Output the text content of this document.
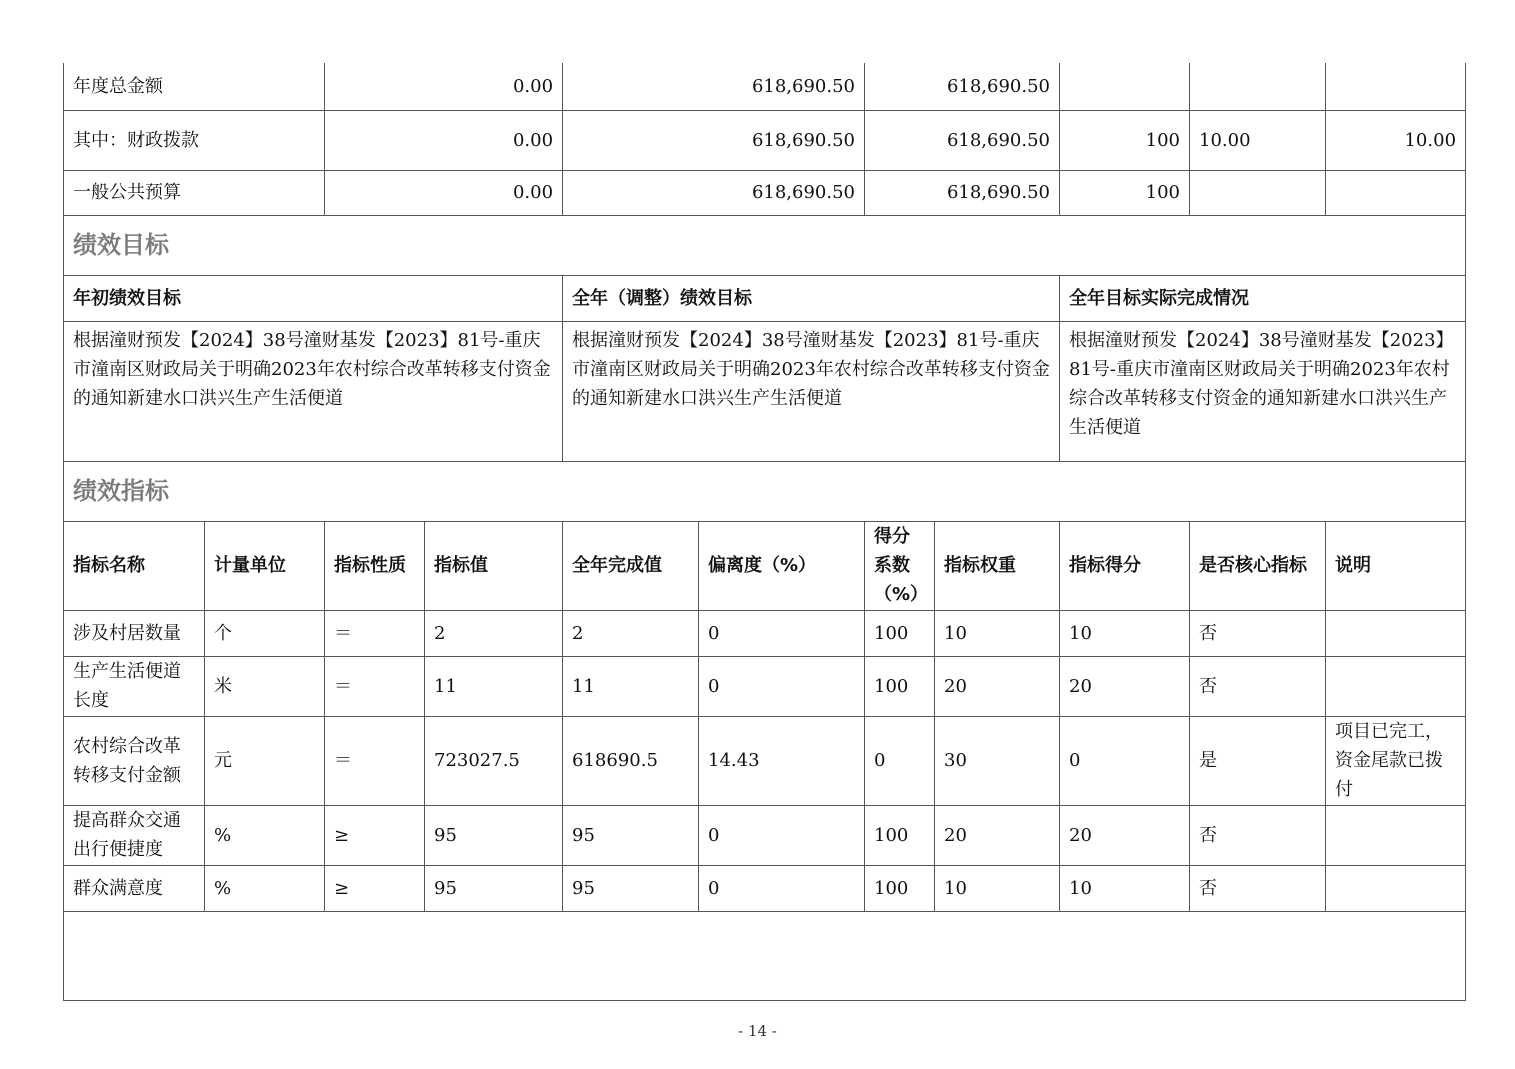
年度总金额		0.00		618,690.50		618,690.50				

其中：财政拨款		0.00		618,690.50		618,690.50		100	10.00	10.00
一般公共预算		0.00		618,690.50		618,690.50		100		
绩效目标										
年初绩效目标				全年（调整）绩效目标				全年目标实际完成情况		
根据潼财预发【2024】38号潼财基发【2023】81号-重庆市潼南区财政局关于明确2023年农村综合改革转移支付资金的通知新建水口洪兴生产生活便道				根据潼财预发【2024】38号潼财基发【2023】81号-重庆市潼南区财政局关于明确2023年农村综合改革转移支付资金的通知新建水口洪兴生产生活便道				根据潼财预发【2024】38号潼财基发【2023】81号-重庆市潼南区财政局关于明确2023年农村综合改革转移支付资金的通知新建水口洪兴生产生活便道		
绩效指标										
指标名称	计量单位	指标性质	指标值	全年完成值	偏离度（%）	得分系数（%）	指标权重	指标得分	是否核心指标	说明
涉及村居数量	个	＝	2	2	0	100	10	10	否	
生产生活便道长度	米	＝	11	11	0	100	20	20	否	
农村综合改革转移支付金额	元	＝	723027.5	618690.5	14.43	0	30	0	是	项目已完工，资金尾款已拨付
提高群众交通出行便捷度	%	≥	95	95	0	100	20	20	否	
群众满意度	%	≥	95	95	0	100	10	10	否	

- 14 -
